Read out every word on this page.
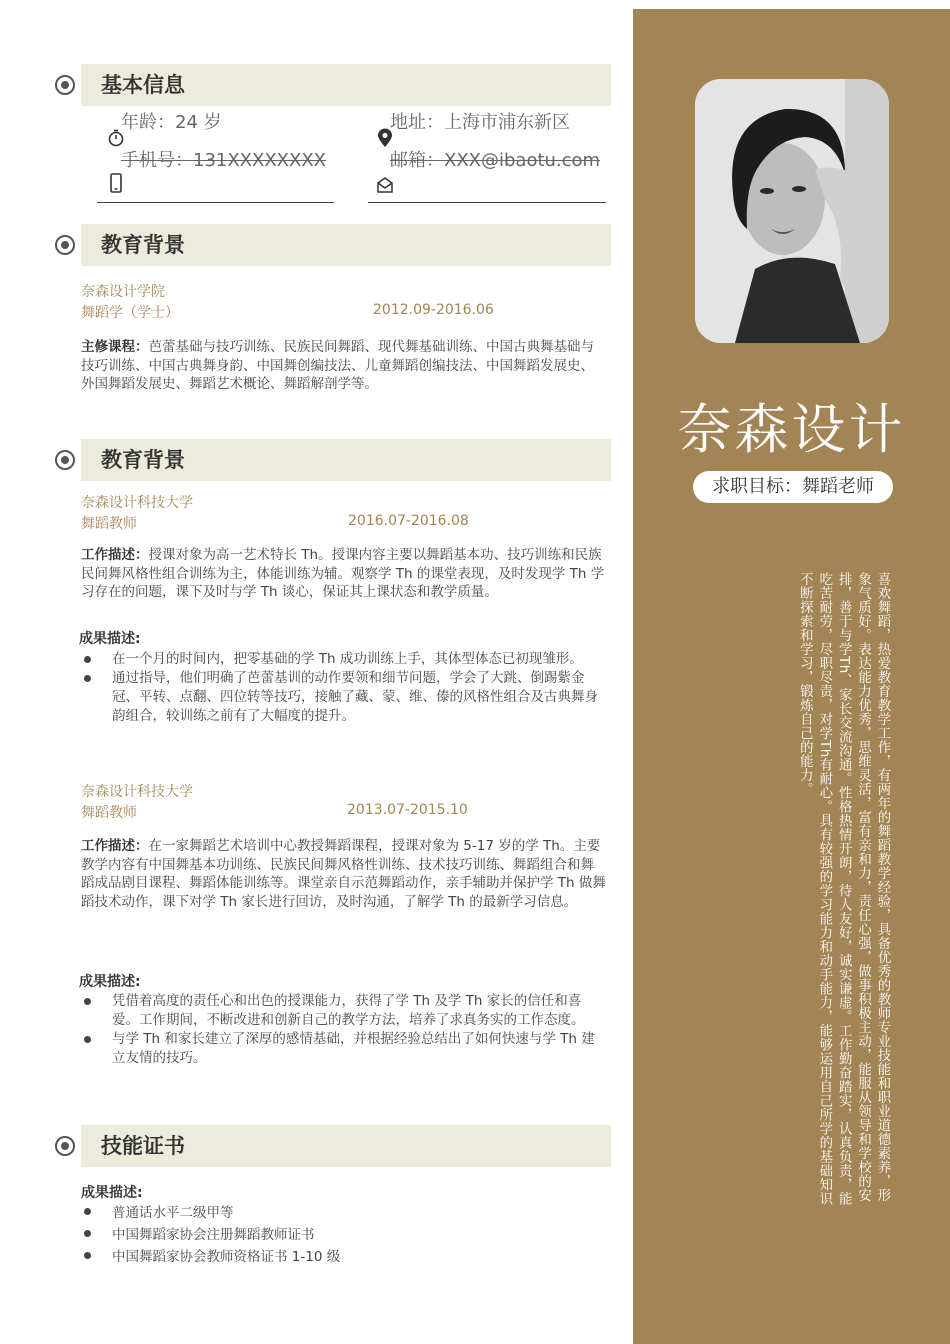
奈森设计
求职目标：舞蹈老师
喜欢舞蹈，热爱教育教学工作，有两年的舞蹈教学经验，具备优秀的教师专业技能和职业道德素养，形象气质好。表达能力优秀，思维灵活，富有亲和力，责任心强，做事积极主动，能服从领导和学校的安排，善于与学Th、家长交流沟通。性格热情开朗，待人友好，诚实谦虚。工作勤奋踏实，认真负责，能吃苦耐劳，尽职尽责，对学Th有耐心。具有较强的学习能力和动手能力，能够运用自己所学的基础知识不断探索和学习，锻炼自己的能力。
基本信息
年龄：24 岁	地址：上海市浦东新区
手机号：131XXXXXXXX	邮箱：XXX@ibaotu.com
教育背景
奈森设计学院
舞蹈学（学士）	2012.09-2016.06
主修课程：芭蕾基础与技巧训练、民族民间舞蹈、现代舞基础训练、中国古典舞基础与技巧训练、中国古典舞身韵、中国舞创编技法、儿童舞蹈创编技法、中国舞蹈发展史、外国舞蹈发展史、舞蹈艺术概论、舞蹈解剖学等。
教育背景
奈森设计科技大学
舞蹈教师	2016.07-2016.08
工作描述：授课对象为高一艺术特长 Th。授课内容主要以舞蹈基本功、技巧训练和民族民间舞风格性组合训练为主，体能训练为辅。观察学 Th 的课堂表现，及时发现学 Th 学习存在的问题，课下及时与学 Th 谈心，保证其上课状态和教学质量。
成果描述:
在一个月的时间内，把零基础的学 Th 成功训练上手，其体型体态已初现雏形。
通过指导，他们明确了芭蕾基训的动作要领和细节问题，学会了大跳、倒踢紫金冠、平转、点翻、四位转等技巧，接触了藏、蒙、维、傣的风格性组合及古典舞身韵组合，较训练之前有了大幅度的提升。
奈森设计科技大学
舞蹈教师	2013.07-2015.10
工作描述：在一家舞蹈艺术培训中心教授舞蹈课程，授课对象为 5-17 岁的学 Th。主要教学内容有中国舞基本功训练、民族民间舞风格性训练、技术技巧训练、舞蹈组合和舞蹈成品剧目课程、舞蹈体能训练等。课堂亲自示范舞蹈动作，亲手辅助并保护学 Th 做舞蹈技术动作，课下对学 Th 家长进行回访，及时沟通，了解学 Th 的最新学习信息。
成果描述:
凭借着高度的责任心和出色的授课能力，获得了学 Th 及学 Th 家长的信任和喜爱。工作期间，不断改进和创新自己的教学方法，培养了求真务实的工作态度。
与学 Th 和家长建立了深厚的感情基础，并根据经验总结出了如何快速与学 Th 建立友情的技巧。
技能证书
成果描述:
普通话水平二级甲等
中国舞蹈家协会注册舞蹈教师证书
中国舞蹈家协会教师资格证书 1-10 级
